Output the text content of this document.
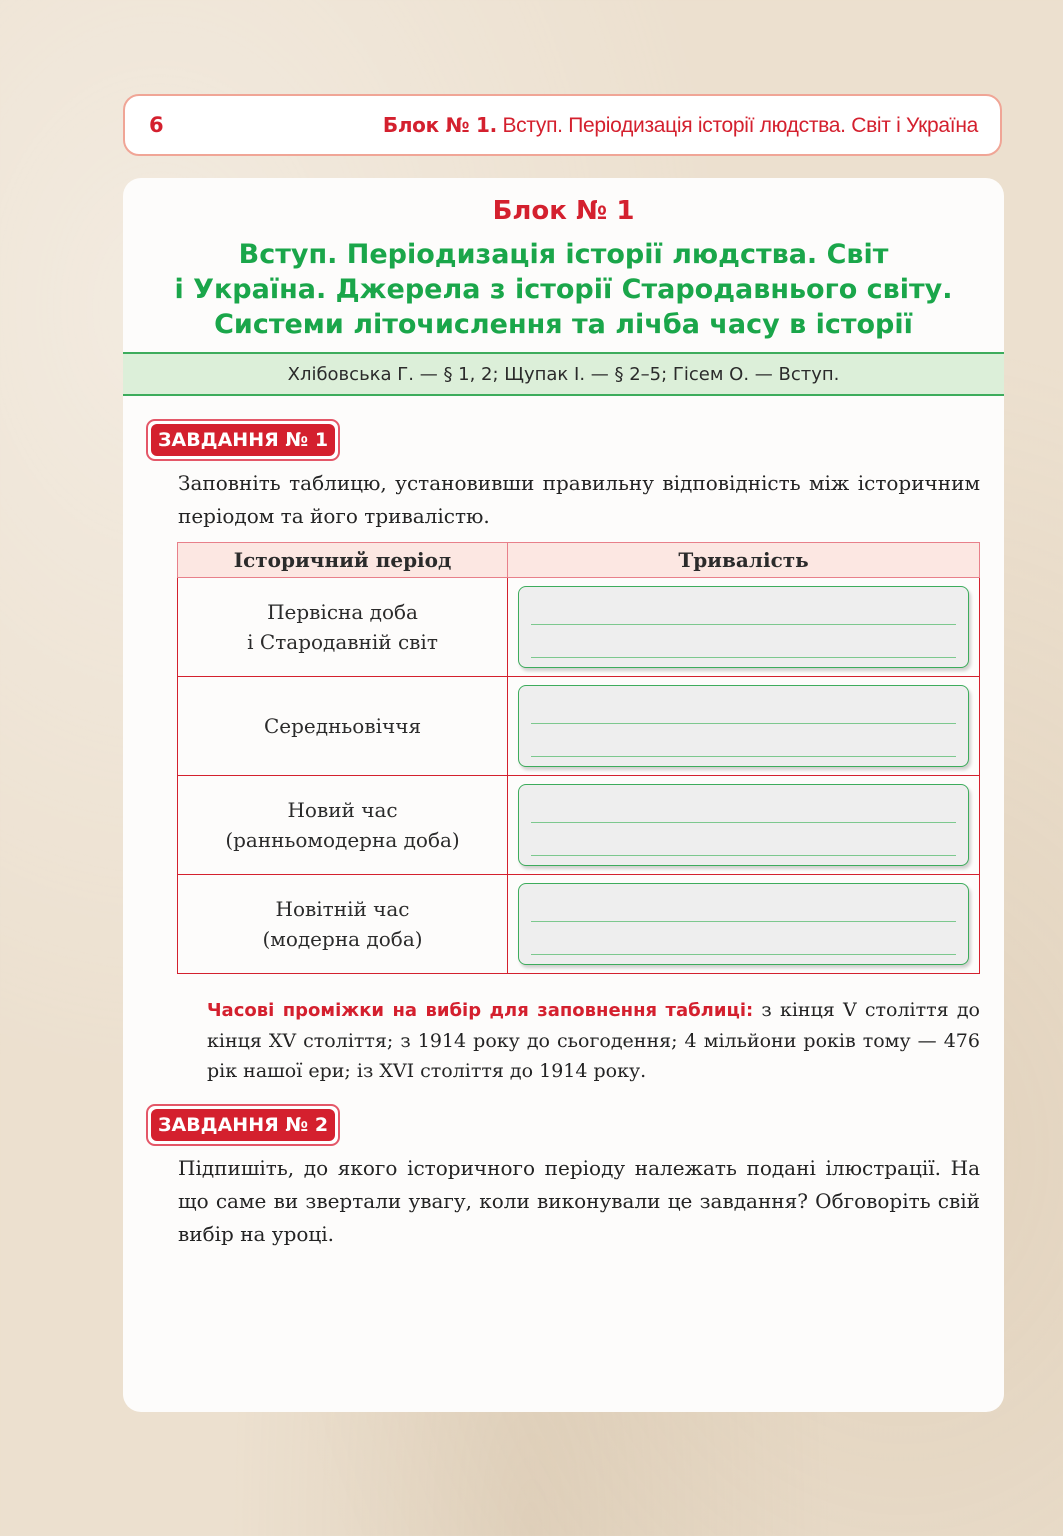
6	Блок № 1. Вступ. Періодизація історії людства. Світ і Україна
Блок № 1
Вступ. Періодизація історії людства. Світ
і Україна. Джерела з історії Стародавнього світу.
Системи літочислення та лічба часу в історії
Хлібовська Г. — § 1, 2; Щупак І. — § 2–5; Гісем О. — Вступ.
ЗАВДАННЯ № 1
Заповніть таблицю, установивши правильну відповідність між історичним періодом та його тривалістю.
Історичний період	Тривалість
Первісна доба
і Стародавній світ	

Середньовіччя	

Новий час
(ранньомодерна доба)	

Новітній час
(модерна доба)	
Часові проміжки на вибір для заповнення таблиці: з кінця V століття до кінця XV століття; з 1914 року до сьогодення; 4 мільйони років тому — 476 рік нашої ери; із XVI століття до 1914 року.
ЗАВДАННЯ № 2
Підпишіть, до якого історичного періоду належать подані ілюстрації. На що саме ви звертали увагу, коли виконували це завдання? Обговоріть свій вибір на уроці.
